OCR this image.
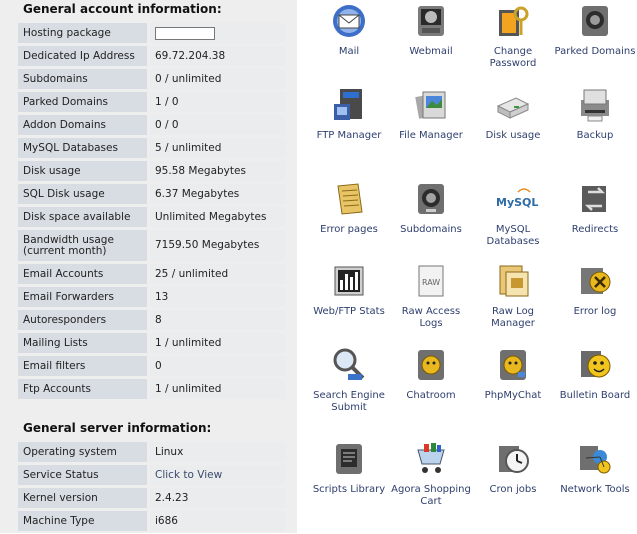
General account information:
Hosting package	
Dedicated Ip Address	69.72.204.38
Subdomains	0 / unlimited
Parked Domains	1 / 0
Addon Domains	0 / 0
MySQL Databases	5 / unlimited
Disk usage	95.58 Megabytes
SQL Disk usage	6.37 Megabytes
Disk space available	Unlimited Megabytes
Bandwidth usage (current month)	7159.50 Megabytes
Email Accounts	25 / unlimited
Email Forwarders	13
Autoresponders	8
Mailing Lists	1 / unlimited
Email filters	0
Ftp Accounts	1 / unlimited
General server information:
Operating system	Linux
Service Status	Click to View
Kernel version	2.4.23
Machine Type	i686
Mail	Webmail	Change Password
Parked Domains
FTP Manager	File Manager	Disk usage	Backup
Error pages	Subdomains
MySQL
MySQL Databases
Redirects
Web/FTP Stats
RAW
Raw Access Logs
Raw Log Manager
Error log
Search Engine Submit
Chatroom	PhpMyChat	Bulletin Board
Scripts Library Agora Shopping Cart
Cron jobs	Network Tools
